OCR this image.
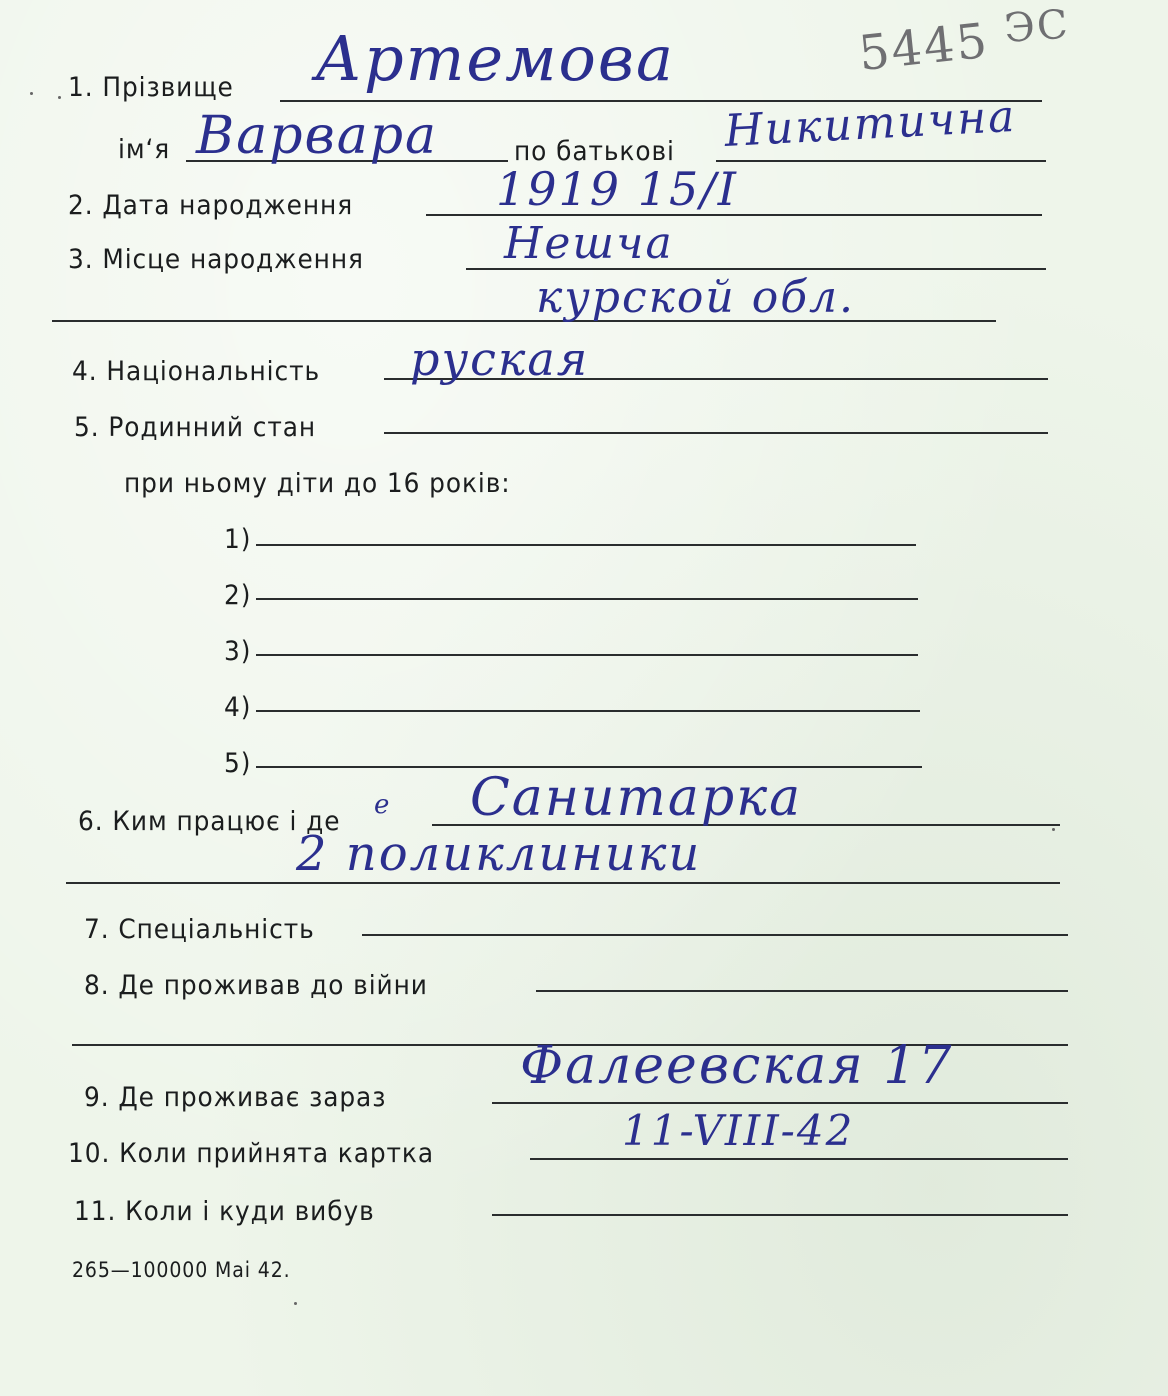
5445 ЭС
1. Прізвище Артемова
ім‘я Варвара	по батькові Никитична
2. Дата народження	1919 15/I
3. Місце народження	Нешча
курской обл.
4. Національність руская
5. Родинний стан
при ньому діти до 16 років:
1)
2)
3)
4)
5)
6. Ким працює і де
е Санитарка
2 поликлиники
7. Спеціальність
8. Де проживав до війни
9. Де проживає зараз
Фалеевская 17
10. Коли прийнята картка	11-VIII-42
11. Коли і куди вибув
265—100000 Mai 42.
